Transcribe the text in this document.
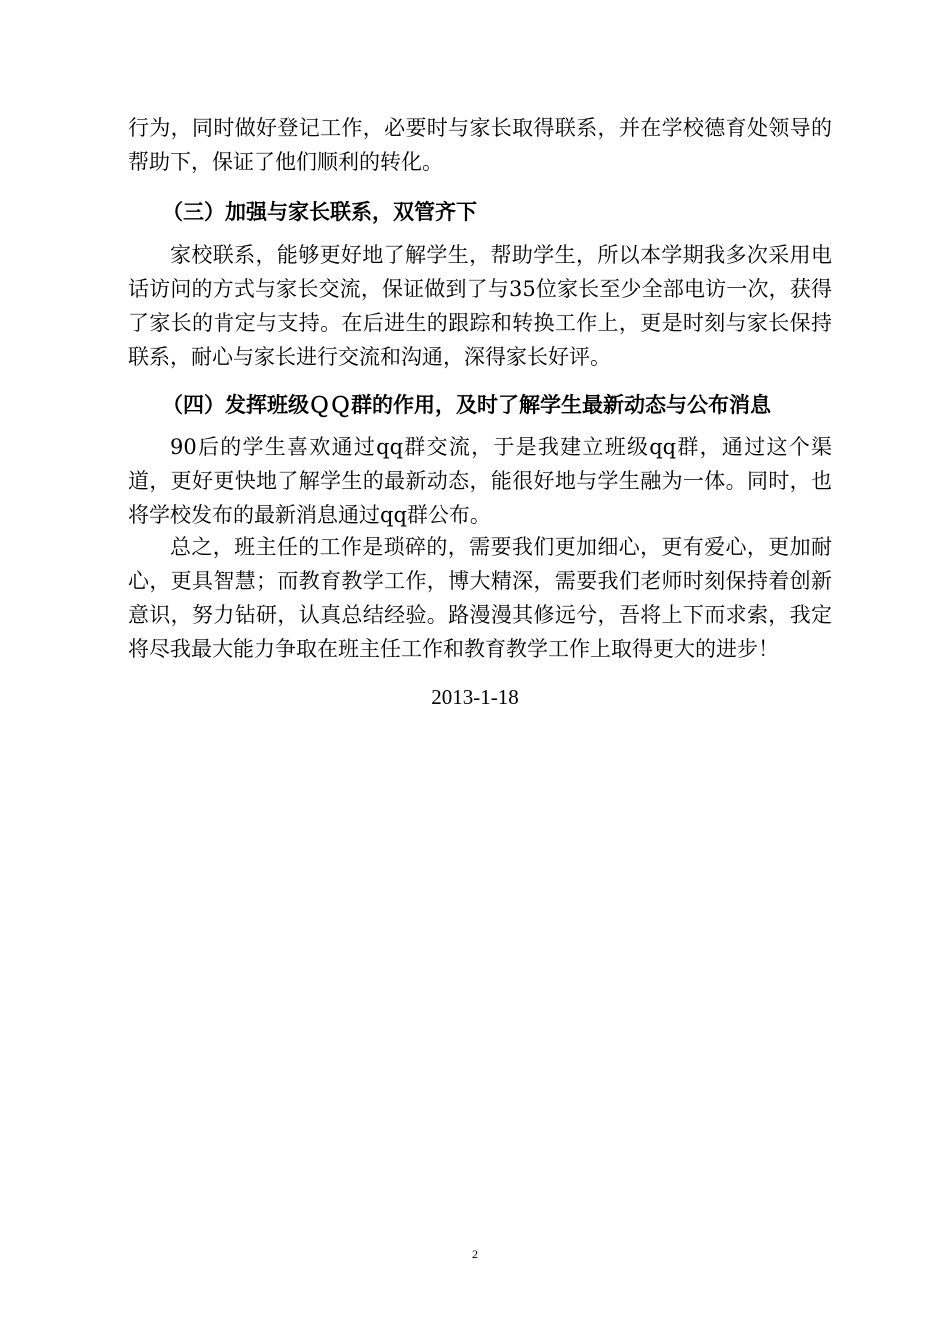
行为，同时做好登记工作，必要时与家长取得联系，并在学校德育处领导的帮助下，保证了他们顺利的转化。

（三）加强与家长联系，双管齐下

家校联系，能够更好地了解学生，帮助学生，所以本学期我多次采用电话访问的方式与家长交流，保证做到了与35位家长至少全部电访一次，获得了家长的肯定与支持。在后进生的跟踪和转换工作上，更是时刻与家长保持联系，耐心与家长进行交流和沟通，深得家长好评。

（四）发挥班级ＱＱ群的作用，及时了解学生最新动态与公布消息

90后的学生喜欢通过qq群交流，于是我建立班级qq群，通过这个渠道，更好更快地了解学生的最新动态，能很好地与学生融为一体。同时，也将学校发布的最新消息通过qq群公布。

总之，班主任的工作是琐碎的，需要我们更加细心，更有爱心，更加耐心，更具智慧；而教育教学工作，博大精深，需要我们老师时刻保持着创新意识，努力钻研，认真总结经验。路漫漫其修远兮，吾将上下而求索，我定将尽我最大能力争取在班主任工作和教育教学工作上取得更大的进步！

2013-1-18

2
